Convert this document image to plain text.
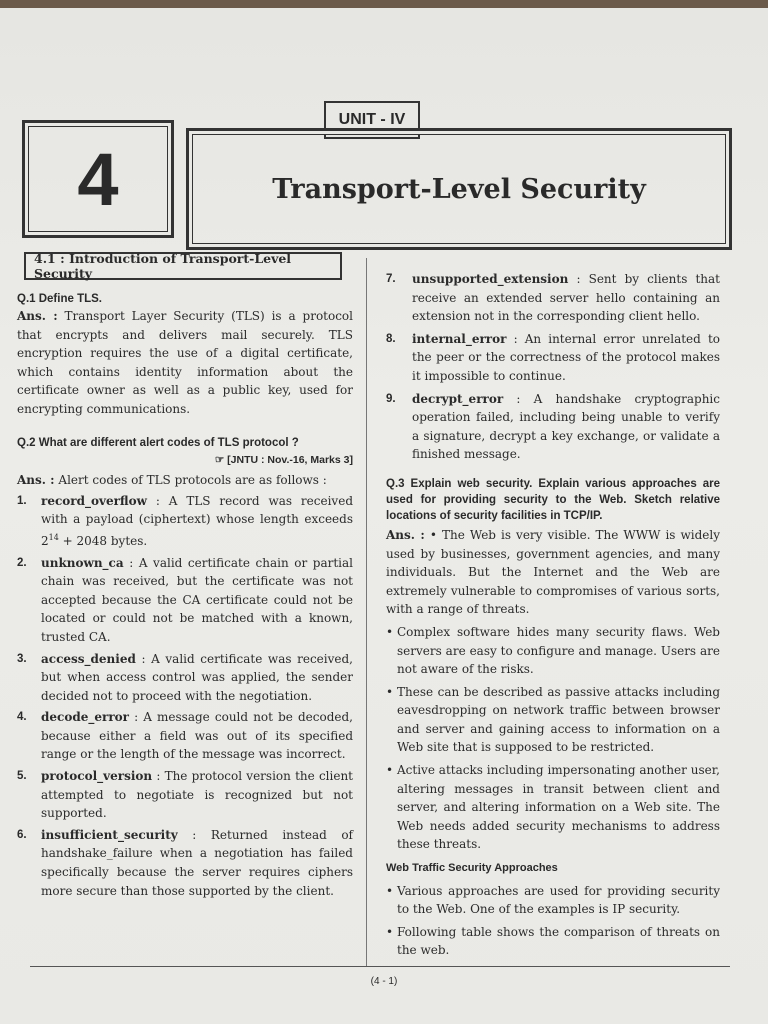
UNIT - IV
4	Transport-Level Security
4.1 : Introduction of Transport-Level Security

Q.1 Define TLS.

Ans. : Transport Layer Security (TLS) is a protocol that encrypts and delivers mail securely. TLS encryption requires the use of a digital certificate, which contains identity information about the certificate owner as well as a public key, used for encrypting communications.

Q.2 What are different alert codes of TLS protocol ?

☞ [JNTU : Nov.-16, Marks 3]

Ans. : Alert codes of TLS protocols are as follows :

1.	record_overflow : A TLS record was received with a payload (ciphertext) whose length exceeds $2^{14} + 2048$ bytes.
2.	unknown_ca : A valid certificate chain or partial chain was received, but the certificate was not accepted because the CA certificate could not be located or could not be matched with a known, trusted CA.
3.	access_denied : A valid certificate was received, but when access control was applied, the sender decided not to proceed with the negotiation.
4.	decode_error : A message could not be decoded, because either a field was out of its specified range or the length of the message was incorrect.
5.	protocol_version : The protocol version the client attempted to negotiate is recognized but not supported.
6.	insufficient_security : Returned instead of handshake_failure when a negotiation has failed specifically because the server requires ciphers more secure than those supported by the client.
7.	unsupported_extension : Sent by clients that receive an extended server hello containing an extension not in the corresponding client hello.
8.	internal_error : An internal error unrelated to the peer or the correctness of the protocol makes it impossible to continue.
9.	decrypt_error : A handshake cryptographic operation failed, including being unable to verify a signature, decrypt a key exchange, or validate a finished message.

Q.3 Explain web security. Explain various approaches are used for providing security to the Web. Sketch relative locations of security facilities in TCP/IP.

Ans. : • The Web is very visible. The WWW is widely used by businesses, government agencies, and many individuals. But the Internet and the Web are extremely vulnerable to compromises of various sorts, with a range of threats.

• Complex software hides many security flaws. Web servers are easy to configure and manage. Users are not aware of the risks.
• These can be described as passive attacks including eavesdropping on network traffic between browser and server and gaining access to information on a Web site that is supposed to be restricted.
• Active attacks including impersonating another user, altering messages in transit between client and server, and altering information on a Web site. The Web needs added security mechanisms to address these threats.

Web Traffic Security Approaches

• Various approaches are used for providing security to the Web. One of the examples is IP security.
• Following table shows the comparison of threats on the web.
(4 - 1)
